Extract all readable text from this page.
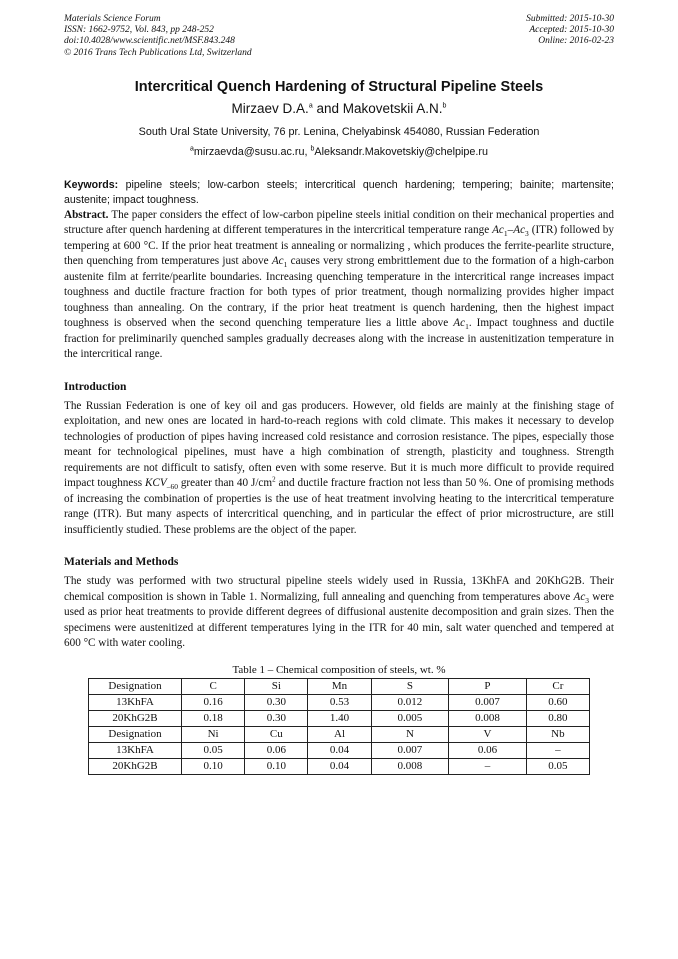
Materials Science Forum
ISSN: 1662-9752, Vol. 843, pp 248-252
doi:10.4028/www.scientific.net/MSF.843.248
© 2016 Trans Tech Publications Ltd, Switzerland
Submitted: 2015-10-30
Accepted: 2015-10-30
Online: 2016-02-23
Intercritical Quench Hardening of Structural Pipeline Steels
Mirzaev D.A.$^a$ and Makovetskii A.N.$^b$
South Ural State University, 76 pr. Lenina, Chelyabinsk 454080, Russian Federation
$^a$mirzaevda@susu.ac.ru, $^b$Aleksandr.Makovetskiy@chelpipe.ru
Keywords: pipeline steels; low-carbon steels; intercritical quench hardening; tempering; bainite; martensite; austenite; impact toughness.

Abstract. The paper considers the effect of low-carbon pipeline steels initial condition on their mechanical properties and structure after quench hardening at different temperatures in the intercritical temperature range $Ac_1-Ac_3$ (ITR) followed by tempering at 600 °C. If the prior heat treatment is annealing or normalizing , which produces the ferrite-pearlite structure, then quenching from temperatures just above $Ac_1$ causes very strong embrittlement due to the formation of a high-carbon austenite film at ferrite/pearlite boundaries. Increasing quenching temperature in the intercritical range increases impact toughness and ductile fracture fraction for both types of prior treatment, though normalizing provides higher impact toughness than annealing. On the contrary, if the prior heat treatment is quench hardening, then the highest impact toughness is observed when the second quenching temperature lies a little above $Ac_1$. Impact toughness and ductile fraction for preliminarily quenched samples gradually decreases along with the increase in austenitization temperature in the intercritical range.

Introduction

The Russian Federation is one of key oil and gas producers. However, old fields are mainly at the finishing stage of exploitation, and new ones are located in hard-to-reach regions with cold climate. This makes it necessary to develop technologies of production of pipes having increased cold resistance and corrosion resistance. The pipes, especially those meant for technological pipelines, must have a high combination of strength, plasticity and toughness. Strength requirements are not difficult to satisfy, often even with some reserve. But it is much more difficult to provide required impact toughness $KCV_{-60}$ greater than 40 $J/cm^2$ and ductile fracture fraction not less than 50 %. One of promising methods of increasing the combination of properties is the use of heat treatment involving heating to the intercritical temperature range (ITR). But many aspects of intercritical quenching, and in particular the effect of prior microstructure, are still insufficiently studied. These problems are the object of the paper.

Materials and Methods

The study was performed with two structural pipeline steels widely used in Russia, 13KhFA and 20KhG2B. Their chemical composition is shown in Table 1. Normalizing, full annealing and quenching from temperatures above $Ac_3$ were used as prior heat treatments to provide different degrees of diffusional austenite decomposition and grain sizes. Then the specimens were austenitized at different temperatures lying in the ITR for 40 min, salt water quenched and tempered at 600 °C with water cooling.

Table 1 – Chemical composition of steels, wt. %
Designation	C	Si	Mn	S	P	Cr
13KhFA	0.16	0.30	0.53	0.012	0.007	0.60
20KhG2B	0.18	0.30	1.40	0.005	0.008	0.80
Designation	Ni	Cu	Al	N	V	Nb
13KhFA	0.05	0.06	0.04	0.007	0.06	–
20KhG2B	0.10	0.10	0.04	0.008	–	0.05
